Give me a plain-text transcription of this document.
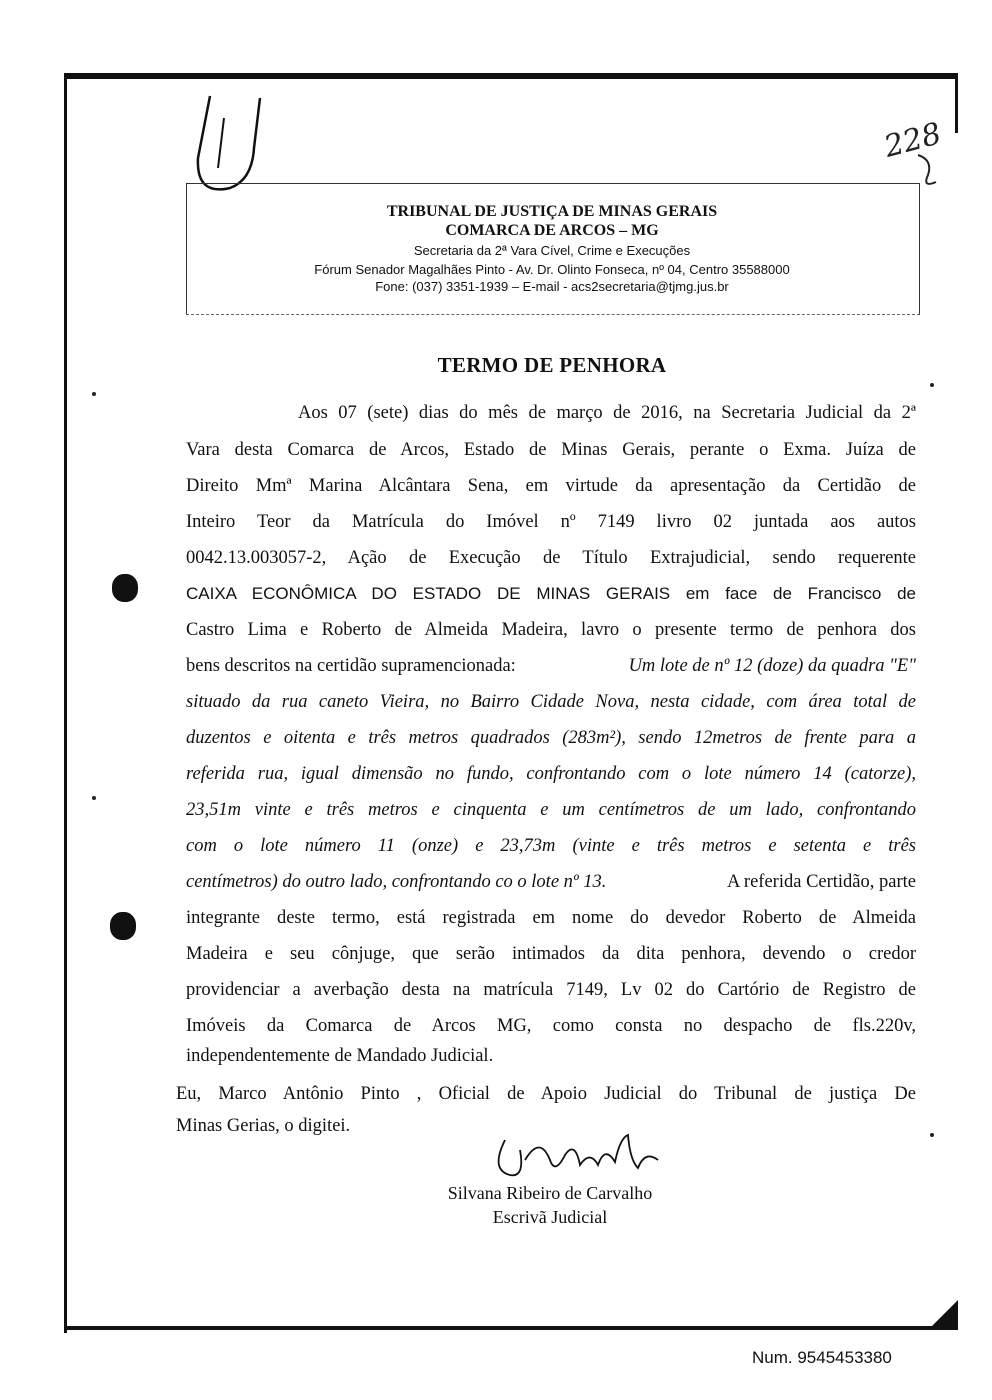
228
TRIBUNAL DE JUSTIÇA DE MINAS GERAIS
COMARCA DE ARCOS – MG
Secretaria da 2ª Vara Cível, Crime e Execuções
Fórum Senador Magalhães Pinto - Av. Dr. Olinto Fonseca, nº 04, Centro 35588000
Fone: (037) 3351-1939 – E-mail - acs2secretaria@tjmg.jus.br
TERMO DE PENHORA
Aos 07 (sete) dias do mês de março de 2016, na Secretaria Judicial da 2ª
Vara desta Comarca de Arcos, Estado de Minas Gerais, perante o Exma. Juíza de
Direito Mmª Marina Alcântara Sena, em virtude da apresentação da Certidão de
Inteiro Teor da Matrícula do Imóvel nº 7149 livro 02 juntada aos autos
0042.13.003057-2, Ação de Execução de Título Extrajudicial, sendo requerente
CAIXA ECONÔMICA DO ESTADO DE MINAS GERAIS em face de Francisco de
Castro Lima e Roberto de Almeida Madeira, lavro o presente termo de penhora dos
bens descritos na certidão supramencionada:	Um lote de nº 12 (doze) da quadra "E"
situado da rua caneto Vieira, no Bairro Cidade Nova, nesta cidade, com área total de
duzentos e oitenta e três metros quadrados (283m²), sendo 12metros de frente para a
referida rua, igual dimensão no fundo, confrontando com o lote número 14 (catorze),
23,51m vinte e três metros e cinquenta e um centímetros de um lado, confrontando
com o lote número 11 (onze) e 23,73m (vinte e três metros e setenta e três
centímetros) do outro lado, confrontando co o lote nº 13.	A referida Certidão, parte
integrante deste termo, está registrada em nome do devedor Roberto de Almeida
Madeira e seu cônjuge, que serão intimados da dita penhora, devendo o credor
providenciar a averbação desta na matrícula 7149, Lv 02 do Cartório de Registro de
Imóveis da Comarca de Arcos MG, como consta no despacho de fls.220v,
independentemente de Mandado Judicial.
Eu, Marco Antônio Pinto , Oficial de Apoio Judicial do Tribunal de justiça De
Minas Gerias, o digitei.
Silvana Ribeiro de Carvalho
Escrivã Judicial
Num. 9545453380
